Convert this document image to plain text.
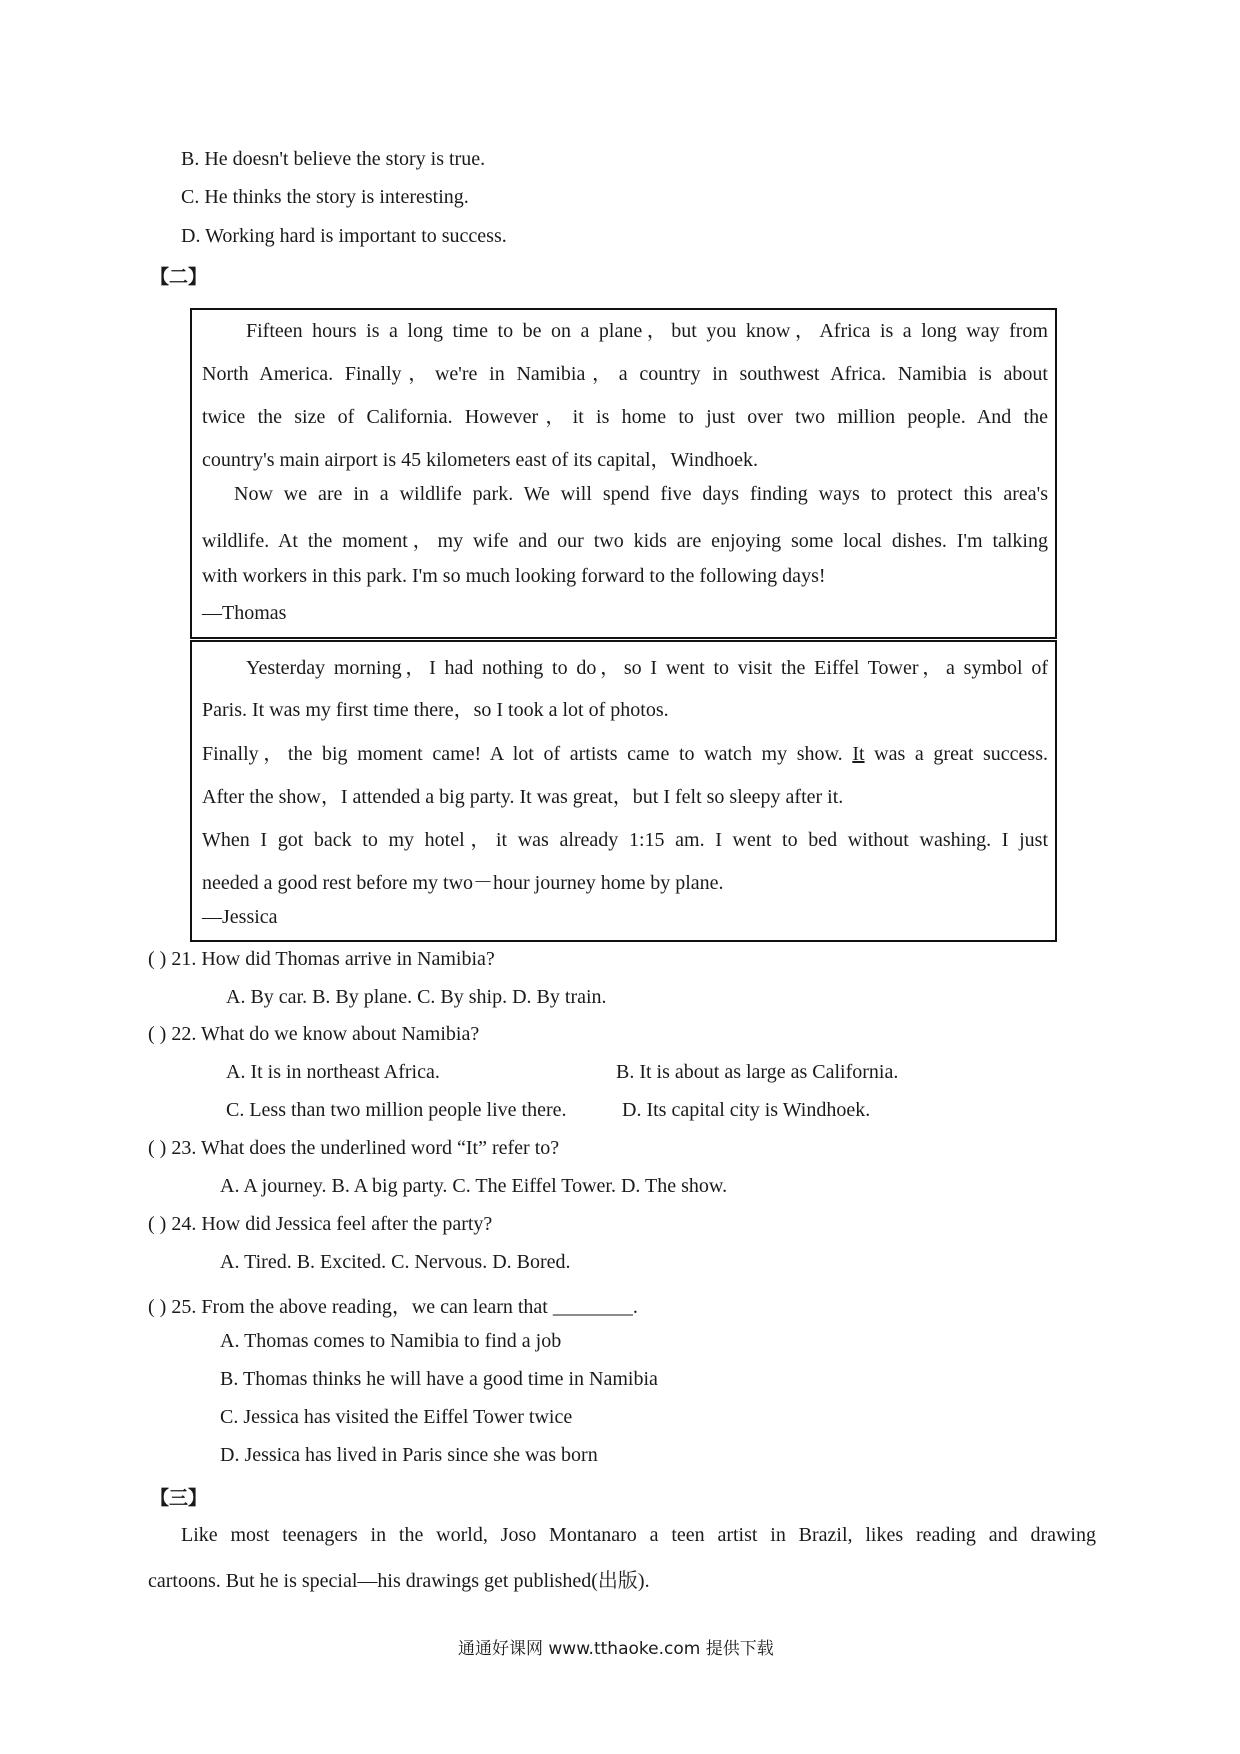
B. He doesn't believe the story is true.
C. He thinks the story is interesting.
D. Working hard is important to success.
【二】
Fifteen hours is a long time to be on a plane，but you know，Africa is a long way from
North America. Finally，we're in Namibia，a country in southwest Africa. Namibia is about
twice the size of California. However，it is home to just over two million people. And the
country's main airport is 45 kilometers east of its capital，Windhoek.
Now we are in a wildlife park. We will spend five days finding ways to protect this area's
wildlife. At the moment，my wife and our two kids are enjoying some local dishes. I'm talking
with workers in this park. I'm so much looking forward to the following days!
—Thomas
Yesterday morning，I had nothing to do，so I went to visit the Eiffel Tower，a symbol of
Paris. It was my first time there，so I took a lot of photos.
Finally，the big moment came! A lot of artists came to watch my show. It was a great success.
After the show，I attended a big party. It was great，but I felt so sleepy after it.
When I got back to my hotel，it was already 1:15 am. I went to bed without washing. I just
needed a good rest before my two－hour journey home by plane.
—Jessica
( ) 21. How did Thomas arrive in Namibia?
A. By car. B. By plane. C. By ship. D. By train.
( ) 22. What do we know about Namibia?
A. It is in northeast Africa.	B. It is about as large as California.
C. Less than two million people live there.	D. Its capital city is Windhoek.
( ) 23. What does the underlined word “It” refer to?
A. A journey. B. A big party. C. The Eiffel Tower. D. The show.
( ) 24. How did Jessica feel after the party?
A. Tired. B. Excited. C. Nervous. D. Bored.
( ) 25. From the above reading，we can learn that ________.
A. Thomas comes to Namibia to find a job
B. Thomas thinks he will have a good time in Namibia
C. Jessica has visited the Eiffel Tower twice
D. Jessica has lived in Paris since she was born
【三】
Like most teenagers in the world, Joso Montanaro a teen artist in Brazil, likes reading and drawing
cartoons. But he is special—his drawings get published(出版).
通通好课网 www.tthaoke.com 提供下载
